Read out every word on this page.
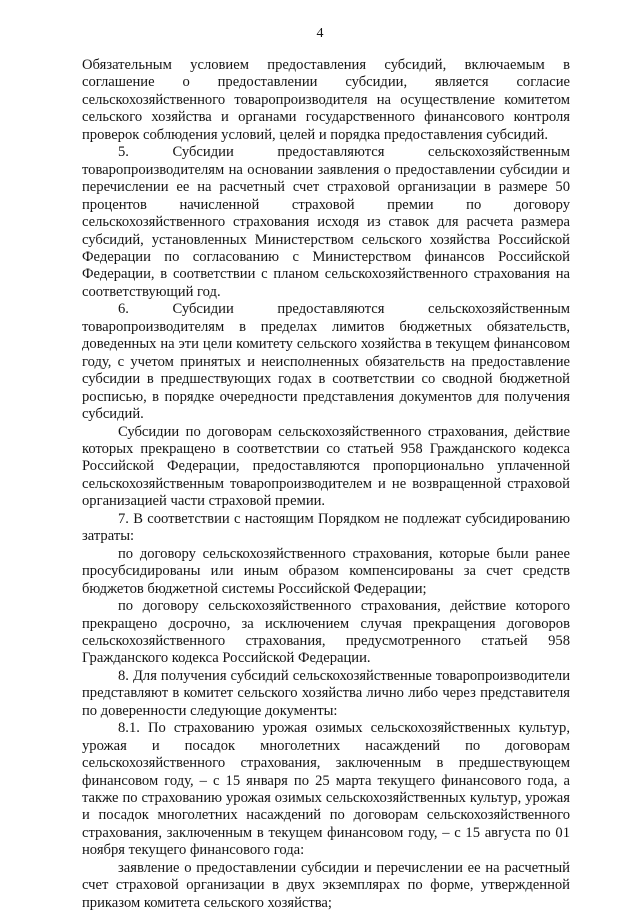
4

Обязательным условием предоставления субсидий, включаемым в соглашение о предоставлении субсидии, является согласие сельскохозяйственного товаропроизводителя на осуществление комитетом сельского хозяйства и органами государственного финансового контроля проверок соблюдения условий, целей и порядка предоставления субсидий.

5. Субсидии предоставляются сельскохозяйственным товаропроизводителям на основании заявления о предоставлении субсидии и перечислении ее на расчетный счет страховой организации в размере 50 процентов начисленной страховой премии по договору сельскохозяйственного страхования исходя из ставок для расчета размера субсидий, установленных Министерством сельского хозяйства Российской Федерации по согласованию с Министерством финансов Российской Федерации, в соответствии с планом сельскохозяйственного страхования на соответствующий год.

6. Субсидии предоставляются сельскохозяйственным товаропроизводителям в пределах лимитов бюджетных обязательств, доведенных на эти цели комитету сельского хозяйства в текущем финансовом году, с учетом принятых и неисполненных обязательств на предоставление субсидии в предшествующих годах в соответствии со сводной бюджетной росписью, в порядке очередности представления документов для получения субсидий.

Субсидии по договорам сельскохозяйственного страхования, действие которых прекращено в соответствии со статьей 958 Гражданского кодекса Российской Федерации, предоставляются пропорционально уплаченной сельскохозяйственным товаропроизводителем и не возвращенной страховой организацией части страховой премии.

7. В соответствии с настоящим Порядком не подлежат субсидированию затраты:

по договору сельскохозяйственного страхования, которые были ранее просубсидированы или иным образом компенсированы за счет средств бюджетов бюджетной системы Российской Федерации;

по договору сельскохозяйственного страхования, действие которого прекращено досрочно, за исключением случая прекращения договоров сельскохозяйственного страхования, предусмотренного статьей 958 Гражданского кодекса Российской Федерации.

8. Для получения субсидий сельскохозяйственные товаропроизводители представляют в комитет сельского хозяйства лично либо через представителя по доверенности следующие документы:

8.1. По страхованию урожая озимых сельскохозяйственных культур, урожая и посадок многолетних насаждений по договорам сельскохозяйственного страхования, заключенным в предшествующем финансовом году, – с 15 января по 25 марта текущего финансового года, а также по страхованию урожая озимых сельскохозяйственных культур, урожая и посадок многолетних насаждений по договорам сельскохозяйственного страхования, заключенным в текущем финансовом году, – с 15 августа по 01 ноября текущего финансового года:

заявление о предоставлении субсидии и перечислении ее на расчетный счет страховой организации в двух экземплярах по форме, утвержденной приказом комитета сельского хозяйства;
